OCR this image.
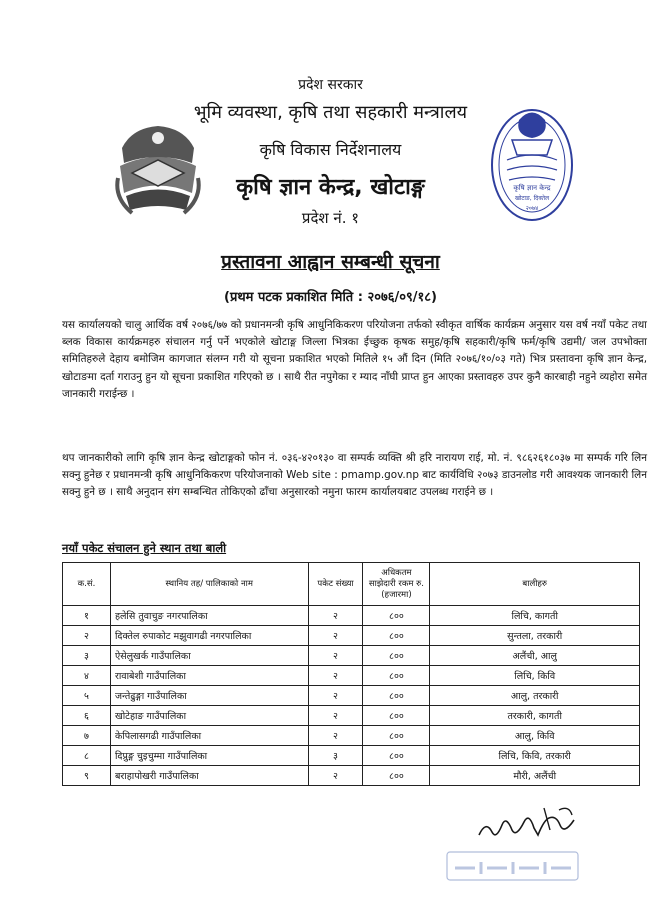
प्रदेश सरकार
भूमि व्यवस्था, कृषि तथा सहकारी मन्त्रालय
कृषि विकास निर्देशनालय
कृषि ज्ञान केन्द्र, खोटाङ्ग
प्रदेश नं. १
कृषि ज्ञान केन्द्र
खोटाङ, दिक्तेल
२०७४
प्रस्तावना आह्वान सम्बन्धी सूचना
(प्रथम पटक प्रकाशित मिति : २०७६/०९/१८)

यस कार्यालयको चालु आर्थिक वर्ष २०७६/७७ को प्रधानमन्त्री कृषि आधुनिकिकरण परियोजना तर्फको स्वीकृत वार्षिक कार्यक्रम अनुसार यस वर्ष नयाँ पकेट तथा ब्लक विकास कार्यक्रमहरु संचालन गर्नु पर्ने भएकोले खोटाङ्ग जिल्ला भित्रका ईच्छुक कृषक समुह/कृषि सहकारी/कृषि फर्म/कृषि उद्यमी/ जल उपभोक्ता समितिहरुले देहाय बमोजिम कागजात संलग्न गरी यो सूचना प्रकाशित भएको मितिले १५ औं दिन (मिति २०७६/१०/०३ गते) भित्र प्रस्तावना कृषि ज्ञान केन्द्र, खोटाङमा दर्ता गराउनु हुन यो सूचना प्रकाशित गरिएको छ । साथै रीत नपुगेका र म्याद नाँघी प्राप्त हुन आएका प्रस्तावहरु उपर कुनै कारबाही नहुने व्यहोरा समेत जानकारी गराईन्छ ।

थप जानकारीको लागि कृषि ज्ञान केन्द्र खोटाङ्गको फोन नं. ०३६-४२०१३० वा सम्पर्क व्यक्ति श्री हरि नारायण राई, मो. नं. ९८६२६१८०३७ मा सम्पर्क गरि लिन सक्नु हुनेछ र प्रधानमन्त्री कृषि आधुनिकिकरण परियोजनाको Web site : pmamp.gov.np बाट कार्यविधि २०७३ डाउनलोड गरी आवश्यक जानकारी लिन सक्नु हुने छ । साथै अनुदान संग सम्बन्धित तोकिएको ढाँचा अनुसारको नमुना फारम कार्यालयबाट उपलब्ध गराईने छ ।

नयाँ पकेट संचालन हुने स्थान तथा बाली
क.सं.	स्थानिय तह/ पालिकाको नाम	पकेट संख्या	अधिकतम साझेदारी रकम रु.(हजारमा)	बालीहरु
१	हलेसि तुवाचुङ नगरपालिका	२	८००	लिचि, कागती
२	दिक्तेल रुपाकोट मझुवागढी नगरपालिका	२	८००	सुन्तला, तरकारी
३	ऐसेलुखर्क गाउँपालिका	२	८००	अलैंची, आलु
४	रावाबेशी गाउँपालिका	२	८००	लिचि, किवि
५	जन्तेढुङ्गा गाउँपालिका	२	८००	आलु, तरकारी
६	खोटेहाङ गाउँपालिका	२	८००	तरकारी, कागती
७	केपिलासगढी गाउँपालिका	२	८००	आलु, किवि
८	दिप्रुङ्ग चुइचुम्मा गाउँपालिका	३	८००	लिचि, किवि, तरकारी
९	बराहापोखरी गाउँपालिका	२	८००	मौरी, अलैंची
